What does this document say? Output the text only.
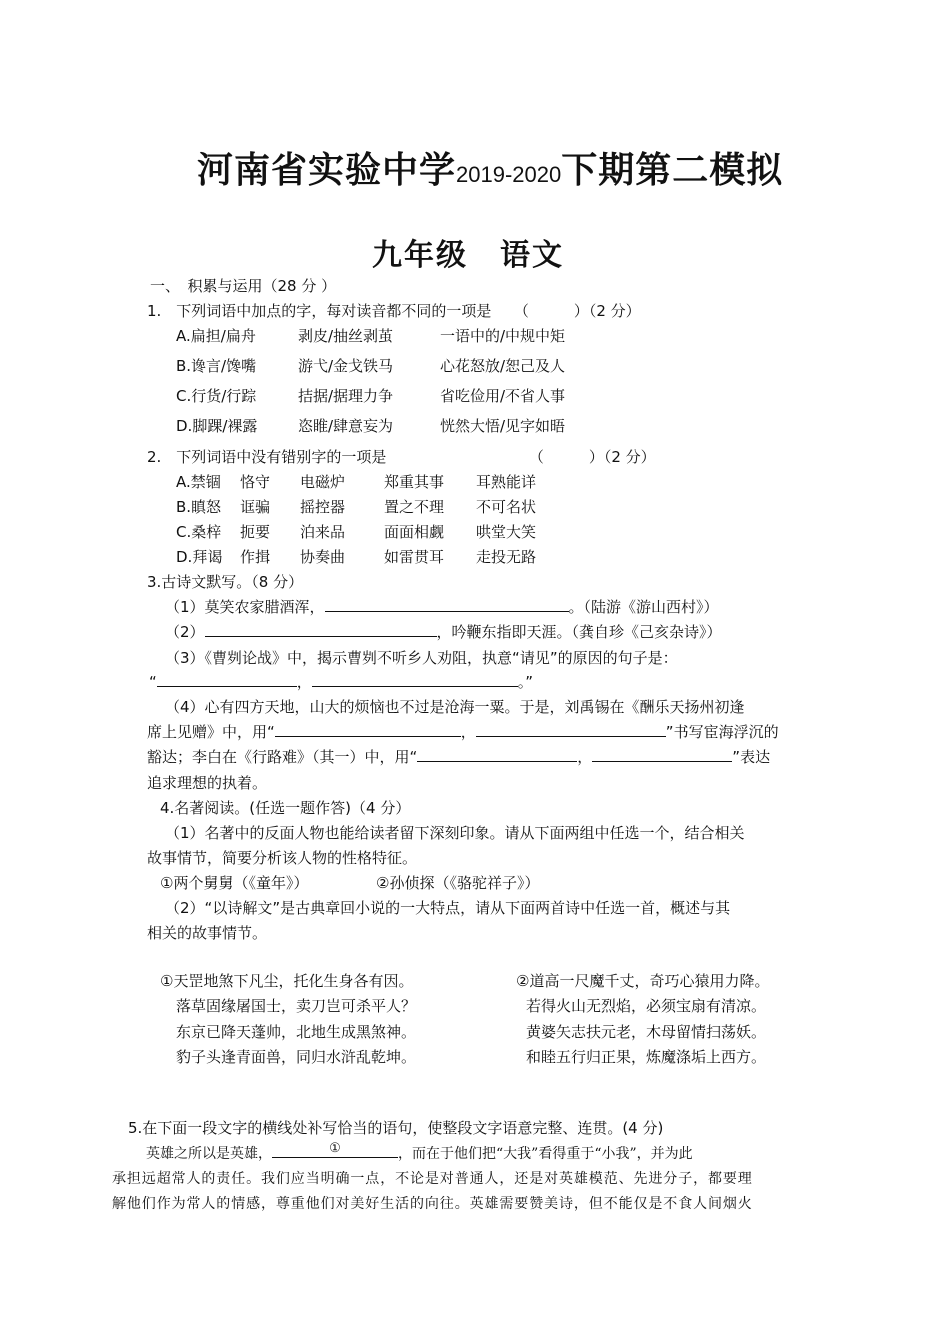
河南省实验中学2019-2020下期第二模拟
九年级　语文
一、　积累与运用（28 分 ）
1.　下列词语中加点的字，每对读音都不同的一项是　　（　　　）（2 分）
A.扁担/扁舟	剥皮/抽丝剥茧	一语中的/中规中矩
B.谗言/馋嘴	游弋/金戈铁马	心花怒放/恕己及人
C.行货/行踪	拮据/据理力争	省吃俭用/不省人事
D.脚踝/裸露	恣睢/肆意妄为	恍然大悟/见字如晤
2.　下列词语中没有错别字的一项是　　　　　　　　　　（　　　）（2 分）
A.禁锢 恪守 电磁炉	郑重其事 耳熟能详
B.瞋怒 诓骗 摇控器	置之不理 不可名状
C.桑梓 扼要 泊来品	面面相觑 哄堂大笑
D.拜谒 作揖 协奏曲	如雷贯耳 走投无路
3.古诗文默写。（8 分）
（1）莫笑农家腊酒浑，	。（陆游《游山西村》）
（2）	，吟鞭东指即天涯。（龚自珍《己亥杂诗》）
（3）《曹刿论战》中，揭示曹刿不听乡人劝阻，执意“请见”的原因的句子是：
“	，	。”
（4）心有四方天地，山大的烦恼也不过是沧海一粟。于是，刘禹锡在《酬乐天扬州初逢
席上见赠》中，用“	，	”书写宦海浮沉的
豁达；李白在《行路难》（其一）中，用“	，	”表达
追求理想的执着。
4.名著阅读。(任选一题作答)（4 分）
（1）名著中的反面人物也能给读者留下深刻印象。请从下面两组中任选一个，结合相关
故事情节，简要分析该人物的性格特征。
①两个舅舅（《童年》）	②孙侦探（《骆驼祥子》）
（2）“以诗解文”是古典章回小说的一大特点，请从下面两首诗中任选一首，概述与其
相关的故事情节。
①天罡地煞下凡尘，托化生身各有因。
落草固缘屠国士，卖刀岂可杀平人？
东京已降天蓬帅，北地生成黑煞神。
豹子头逢青面兽，同归水浒乱乾坤。
②道高一尺魔千丈，奇巧心猿用力降。
若得火山无烈焰，必须宝扇有清凉。
黄婆矢志扶元老，木母留情扫荡妖。
和睦五行归正果，炼魔涤垢上西方。
5.在下面一段文字的横线处补写恰当的语句，使整段文字语意完整、连贯。(4 分)
英雄之所以是英雄，	①	，而在于他们把“大我”看得重于“小我”，并为此
承担远超常人的责任。我们应当明确一点，不论是对普通人，还是对英雄模范、先进分子，都要理
解他们作为常人的情感，尊重他们对美好生活的向往。英雄需要赞美诗，但不能仅是不食人间烟火
